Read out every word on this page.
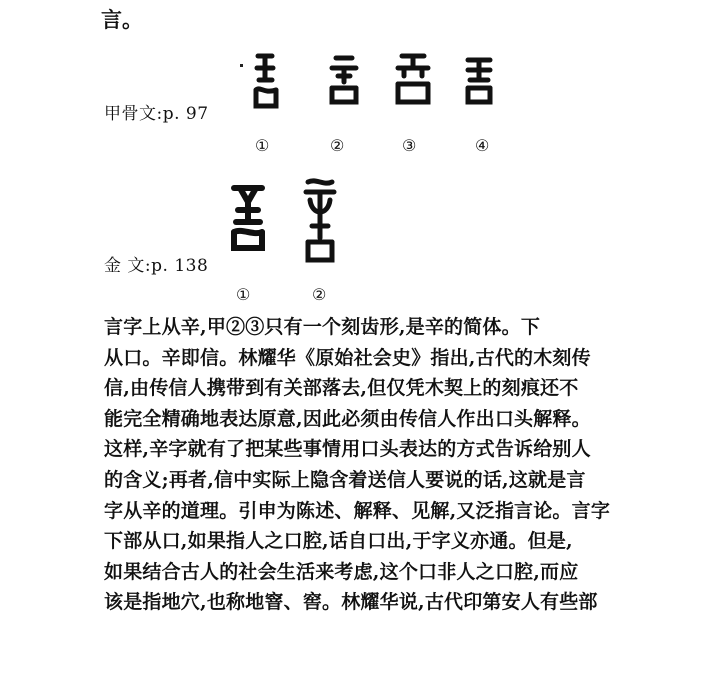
言。
甲骨文:p. 97
①	②	③	④
金 文:p. 138
①	②
言字上从辛,甲②③只有一个刻齿形,是辛的简体。下
从口。辛即信。林耀华《原始社会史》指出,古代的木刻传
信,由传信人携带到有关部落去,但仅凭木契上的刻痕还不
能完全精确地表达原意,因此必须由传信人作出口头解释。
这样,辛字就有了把某些事情用口头表达的方式告诉给别人
的含义;再者,信中实际上隐含着送信人要说的话,这就是言
字从辛的道理。引申为陈述、解释、见解,又泛指言论。言字
下部从口,如果指人之口腔,话自口出,于字义亦通。但是,
如果结合古人的社会生活来考虑,这个口非人之口腔,而应
该是指地穴,也称地窨、窖。林耀华说,古代印第安人有些部
